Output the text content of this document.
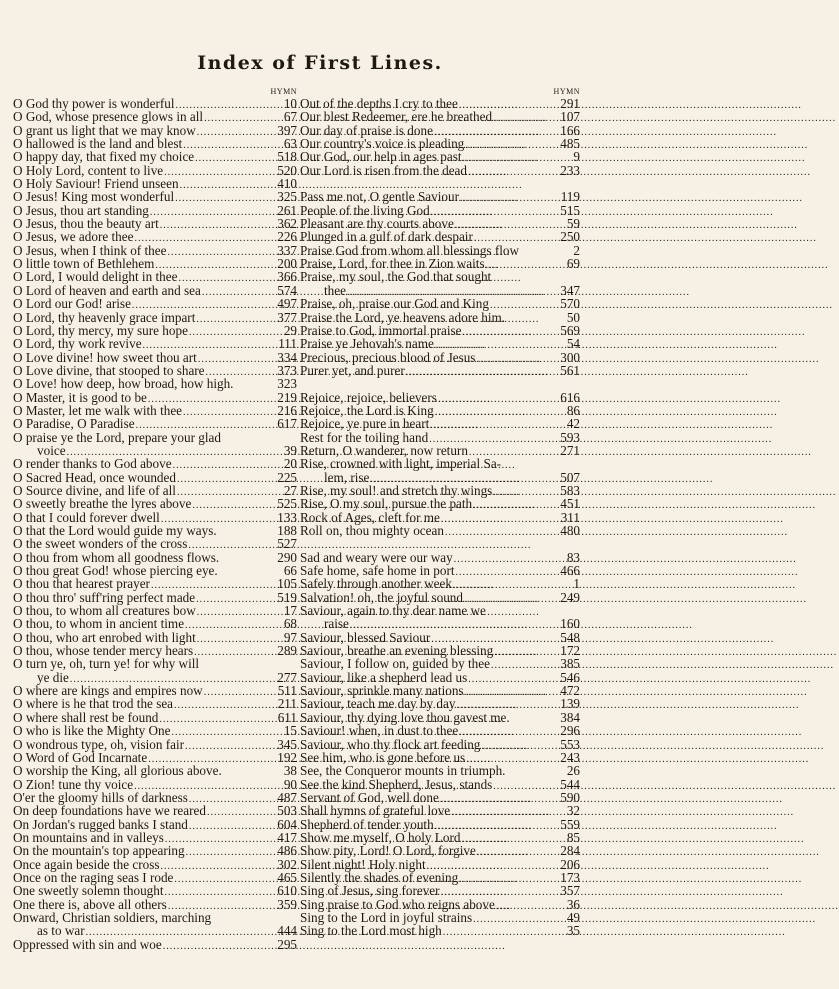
Index of First Lines.
HYMN
O God thy power is wonderful .....	10
O God, whose presence glows in all .....	67
O grant us light that we may know .....	397
O hallowed is the land and blest .....	63
O happy day, that fixed my choice .....	518
O Holy Lord, content to live .....	520
O Holy Saviour! Friend unseen .....	410
O Jesus! King most wonderful .....	325
O Jesus, thou art standing .....	261
O Jesus, thou the beauty art .....	362
O Jesus, we adore thee .....	226
O Jesus, when I think of thee .....	337
O little town of Bethlehem .....	200
O Lord, I would delight in thee .....	366
O Lord of heaven and earth and sea .....	574
O Lord our God! arise .....	497
O Lord, thy heavenly grace impart .....	377
O Lord, thy mercy, my sure hope .....	29
O Lord, thy work revive .....	111
O Love divine! how sweet thou art .....	334
O Love divine, that stooped to share .....	373
O Love! how deep, how broad, how high.	323
O Master, it is good to be .....	219
O Master, let me walk with thee .....	216
O Paradise, O Paradise .....	617
O praise ye the Lord, prepare your glad
voice .....	39
O render thanks to God above .....	20
O Sacred Head, once wounded .....	225
O Source divine, and life of all .....	27
O sweetly breathe the lyres above .....	525
O that I could forever dwell .....	133
O that the Lord would guide my ways.	188
O the sweet wonders of the cross .....	527
O thou from whom all goodness flows.	290
O thou great God! whose piercing eye.	66
O thou that hearest prayer .....	105
O thou thro' suff'ring perfect made .....	519
O thou, to whom all creatures bow .....	17
O thou, to whom in ancient time .....	68
O thou, who art enrobed with light .....	97
O thou, whose tender mercy hears .....	289
O turn ye, oh, turn ye! for why will
ye die .....	277
O where are kings and empires now .....	511
O where is he that trod the sea .....	211
O where shall rest be found .....	611
O who is like the Mighty One .....	15
O wondrous type, oh, vision fair .....	345
O Word of God Incarnate .....	192
O worship the King, all glorious above.	38
O Zion! tune thy voice .....	90
O'er the gloomy hills of darkness .....	487
On deep foundations have we reared .....	503
On Jordan's rugged banks I stand .....	604
On mountains and in valleys .....	417
On the mountain's top appearing .....	486
Once again beside the cross .....	302
Once on the raging seas I rode .....	465
One sweetly solemn thought .....	610
One there is, above all others .....	359
Onward, Christian soldiers, marching
as to war .....	444
Oppressed with sin and woe .....	295
HYMN
Out of the depths I cry to thee .....	291
Our blest Redeemer, ere he breathed .....	107
Our day of praise is done .....	166
Our country's voice is pleading .....	485
Our God, our help in ages past .....	9
Our Lord is risen from the dead .....	233
Pass me not, O gentle Saviour .....	119
People of the living God .....	515
Pleasant are thy courts above .....	59
Plunged in a gulf of dark despair .....	250
Praise God from whom all blessings flow	2
Praise, Lord, for thee in Zion waits .....	69
Praise, my soul, the God that sought
thee .....	347
Praise, oh, praise our God and King .....	570
Praise the Lord, ye heavens adore him.	50
Praise to God, immortal praise .....	569
Praise ye Jehovah's name .....	54
Precious, precious blood of Jesus .....	300
Purer yet, and purer .....	561
Rejoice, rejoice, believers .....	616
Rejoice, the Lord is King .....	86
Rejoice, ye pure in heart .....	42
Rest for the toiling hand .....	593
Return, O wanderer, now return .....	271
Rise, crowned with light, imperial Sa-
lem, rise .....	507
Rise, my soul! and stretch thy wings .....	583
Rise, O my soul, pursue the path .....	451
Rock of Ages, cleft for me .....	311
Roll on, thou mighty ocean .....	480
Sad and weary were our way .....	83
Safe home, safe home in port .....	466
Safely through another week .....	1
Salvation! oh, the joyful sound .....	249
Saviour, again to thy dear name we
raise .....	160
Saviour, blessed Saviour .....	548
Saviour, breathe an evening blessing .....	172
Saviour, I follow on, guided by thee .....	385
Saviour, like a shepherd lead us .....	546
Saviour, sprinkle many nations .....	472
Saviour, teach me day by day .....	139
Saviour, thy dying love thou gavest me.	384
Saviour! when, in dust to thee .....	296
Saviour, who thy flock art feeding .....	553
See him, who is gone before us .....	243
See, the Conqueror mounts in triumph.	26
See the kind Shepherd, Jesus, stands .....	544
Servant of God, well done .....	590
Shall hymns of grateful love .....	32
Shepherd of tender youth .....	559
Show me myself, O holy Lord .....	85
Show pity, Lord! O Lord, forgive .....	284
Silent night! Holy night .....	206
Silently the shades of evening .....	173
Sing of Jesus, sing forever .....	357
Sing praise to God who reigns above .....	36
Sing to the Lord in joyful strains .....	49
Sing to the Lord most high .....	35
